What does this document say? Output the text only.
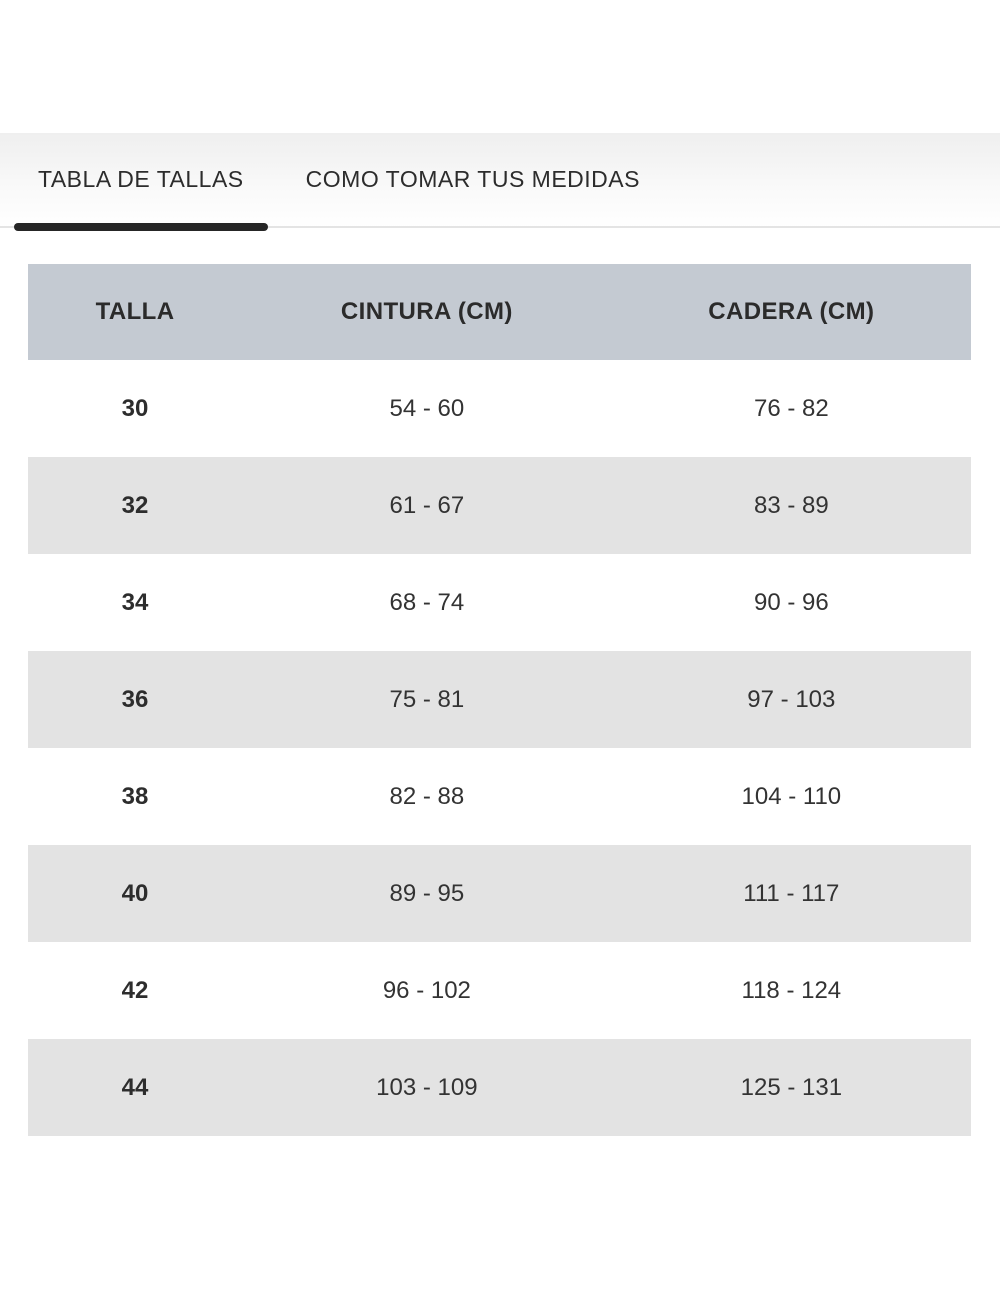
TABLA DE TALLAS	COMO TOMAR TUS MEDIDAS
TALLA	CINTURA (CM)	CADERA (CM)
30	54 - 60	76 - 82
32	61 - 67	83 - 89
34	68 - 74	90 - 96
36	75 - 81	97 - 103
38	82 - 88	104 - 110
40	89 - 95	111 - 117
42	96 - 102	118 - 124
44	103 - 109	125 - 131
